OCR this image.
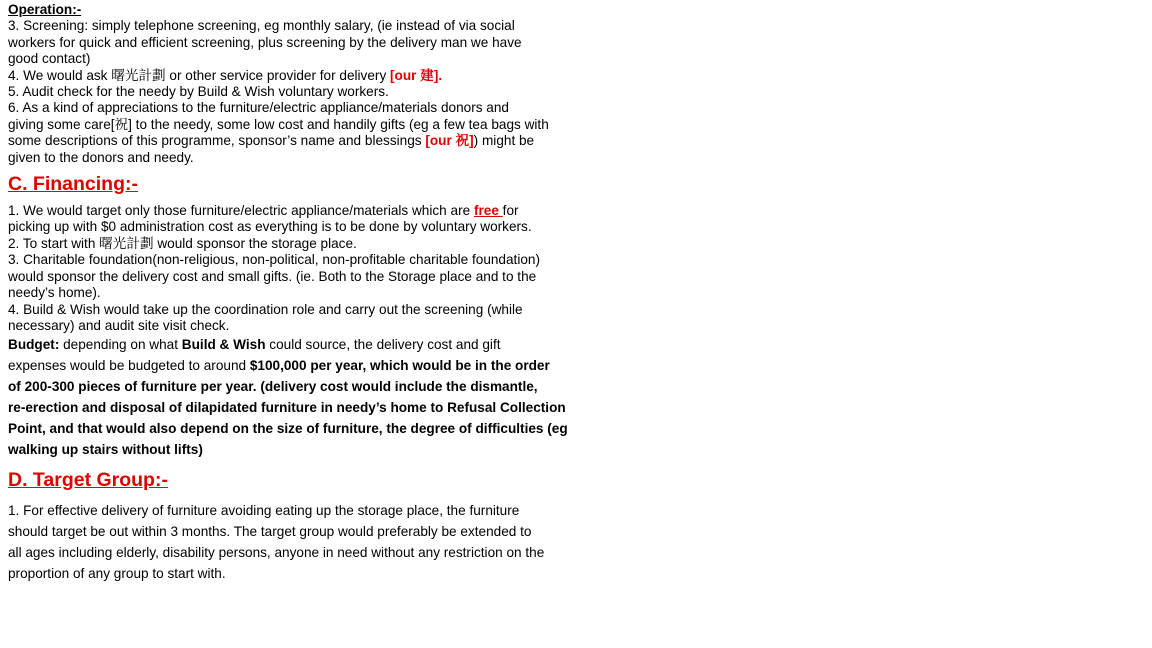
Operation:-
3. Screening: simply telephone screening, eg monthly salary, (ie instead of via social
workers for quick and efficient screening, plus screening by the delivery man we have
good contact)
4. We would ask 曙光計劃 or other service provider for delivery [our 建].
5. Audit check for the needy by Build & Wish voluntary workers.
6. As a kind of appreciations to the furniture/electric appliance/materials donors and
giving some care[祝] to the needy, some low cost and handily gifts (eg a few tea bags with
some descriptions of this programme, sponsor’s name and blessings [our 祝]) might be
given to the donors and needy.
C. Financing:-
1. We would target only those furniture/electric appliance/materials which are free for
picking up with $0 administration cost as everything is to be done by voluntary workers.
2. To start with 曙光計劃 would sponsor the storage place.
3. Charitable foundation(non-religious, non-political, non-profitable charitable foundation)
would sponsor the delivery cost and small gifts. (ie. Both to the Storage place and to the
needy’s home).
4. Build & Wish would take up the coordination role and carry out the screening (while
necessary) and audit site visit check.
Budget: depending on what Build & Wish could source, the delivery cost and gift
expenses would be budgeted to around $100,000 per year, which would be in the order
of 200-300 pieces of furniture per year. (delivery cost would include the dismantle,
re-erection and disposal of dilapidated furniture in needy’s home to Refusal Collection
Point, and that would also depend on the size of furniture, the degree of difficulties (eg
walking up stairs without lifts)
D. Target Group:-
1. For effective delivery of furniture avoiding eating up the storage place, the furniture
should target be out within 3 months. The target group would preferably be extended to
all ages including elderly, disability persons, anyone in need without any restriction on the
proportion of any group to start with.
